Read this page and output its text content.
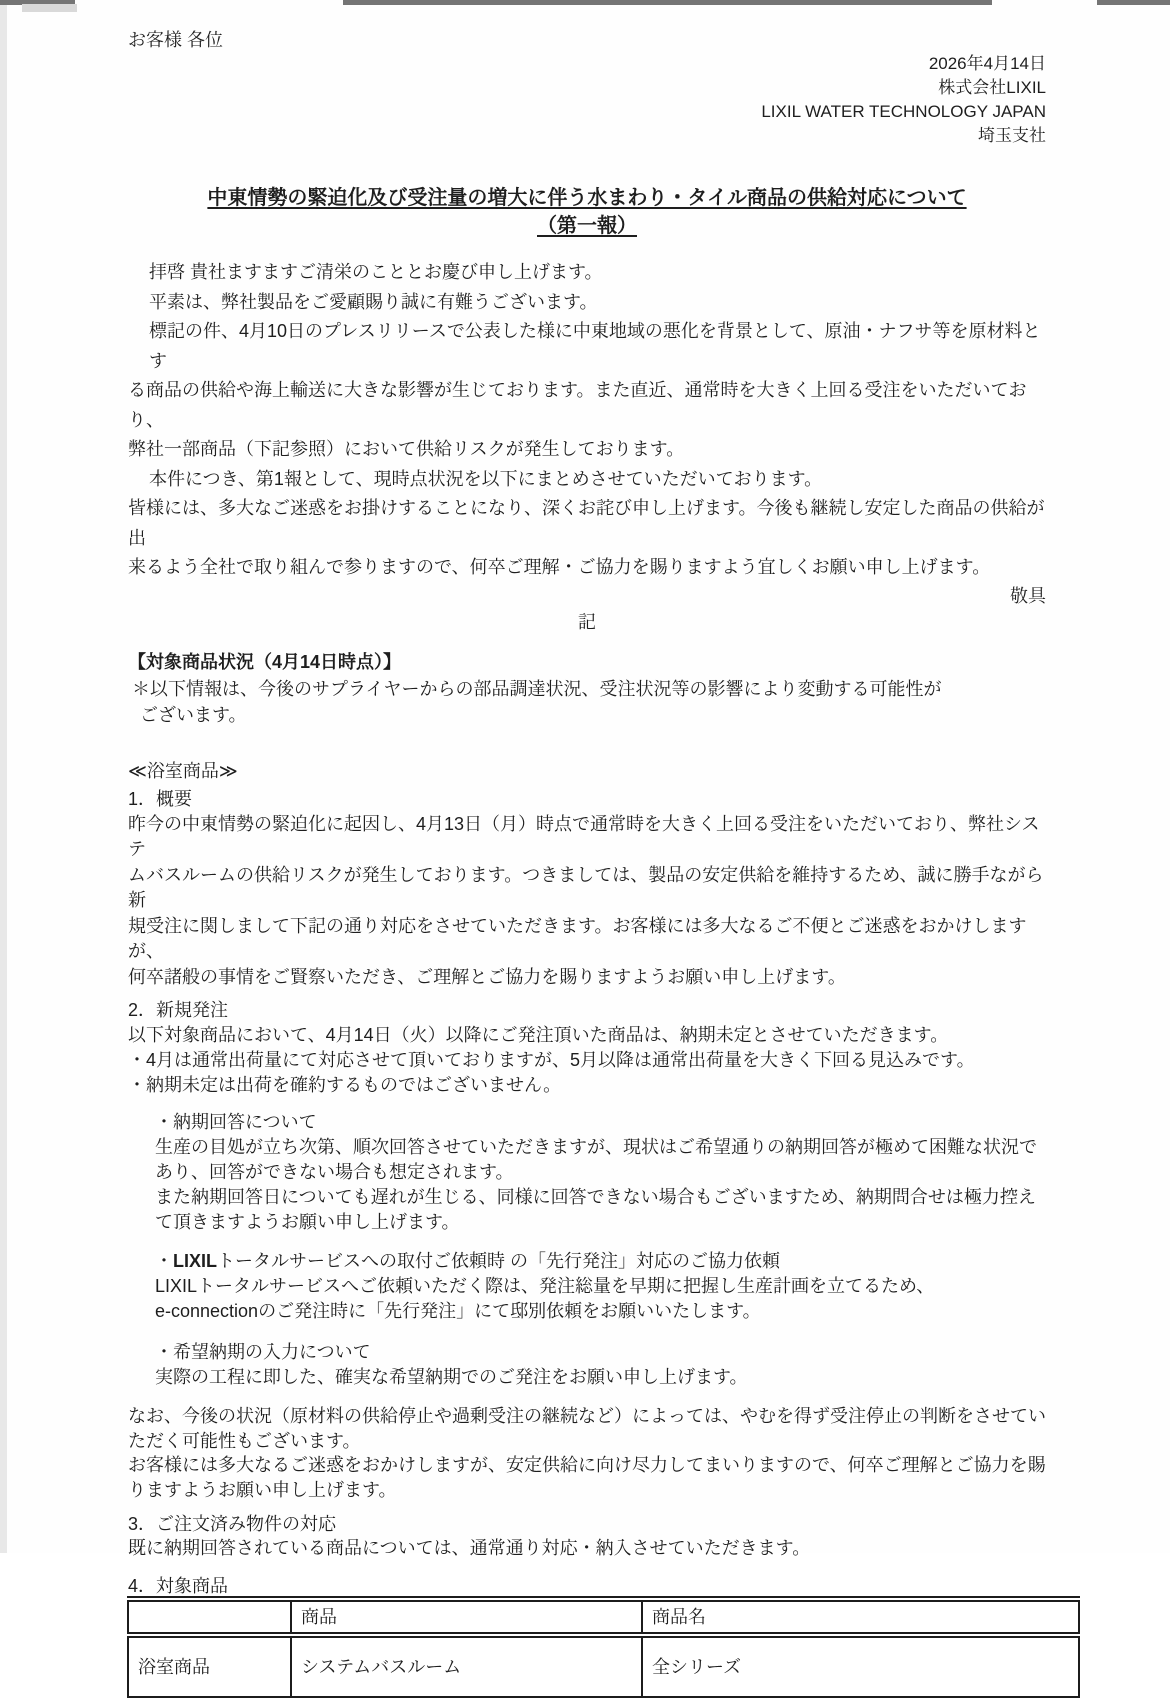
お客様 各位
2026年4月14日
株式会社LIXIL
LIXIL WATER TECHNOLOGY JAPAN
埼玉支社
中東情勢の緊迫化及び受注量の増大に伴う水まわり・タイル商品の供給対応について
（第一報）
拝啓 貴社ますますご清栄のこととお慶び申し上げます。
平素は、弊社製品をご愛顧賜り誠に有難うございます。
標記の件、4月10日のプレスリリースで公表した様に中東地域の悪化を背景として、原油・ナフサ等を原材料とす
る商品の供給や海上輸送に大きな影響が生じております。また直近、通常時を大きく上回る受注をいただいており、
弊社一部商品（下記参照）において供給リスクが発生しております。
本件につき、第1報として、現時点状況を以下にまとめさせていただいております。
皆様には、多大なご迷惑をお掛けすることになり、深くお詫び申し上げます。今後も継続し安定した商品の供給が出
来るよう全社で取り組んで参りますので、何卒ご理解・ご協力を賜りますよう宜しくお願い申し上げます。
敬具
記
【対象商品状況（4月14日時点）】
＊以下情報は、今後のサプライヤーからの部品調達状況、受注状況等の影響により変動する可能性が
ございます。
≪浴室商品≫
1．概要
昨今の中東情勢の緊迫化に起因し、4月13日（月）時点で通常時を大きく上回る受注をいただいており、弊社システ
ムバスルームの供給リスクが発生しております。つきましては、製品の安定供給を維持するため、誠に勝手ながら新
規受注に関しまして下記の通り対応をさせていただきます。お客様には多大なるご不便とご迷惑をおかけしますが、
何卒諸般の事情をご賢察いただき、ご理解とご協力を賜りますようお願い申し上げます。
2．新規発注
以下対象商品において、4月14日（火）以降にご発注頂いた商品は、納期未定とさせていただきます。
・4月は通常出荷量にて対応させて頂いておりますが、5月以降は通常出荷量を大きく下回る見込みです。
・納期未定は出荷を確約するものではございません。
・納期回答について
生産の目処が立ち次第、順次回答させていただきますが、現状はご希望通りの納期回答が極めて困難な状況で
あり、回答ができない場合も想定されます。
また納期回答日についても遅れが生じる、同様に回答できない場合もございますため、納期問合せは極力控え
て頂きますようお願い申し上げます。
・LIXILトータルサービスへの取付ご依頼時 の「先行発注」対応のご協力依頼
LIXILトータルサービスへご依頼いただく際は、発注総量を早期に把握し生産計画を立てるため、
e-connectionのご発注時に「先行発注」にて邸別依頼をお願いいたします。
・希望納期の入力について
実際の工程に即した、確実な希望納期でのご発注をお願い申し上げます。
なお、今後の状況（原材料の供給停止や過剰受注の継続など）によっては、やむを得ず受注停止の判断をさせてい
ただく可能性もございます。
お客様には多大なるご迷惑をおかけしますが、安定供給に向け尽力してまいりますので、何卒ご理解とご協力を賜
りますようお願い申し上げます。
3．ご注文済み物件の対応
既に納期回答されている商品については、通常通り対応・納入させていただきます。
4．対象商品
	商品	商品名
浴室商品	システムバスルーム	全シリーズ
